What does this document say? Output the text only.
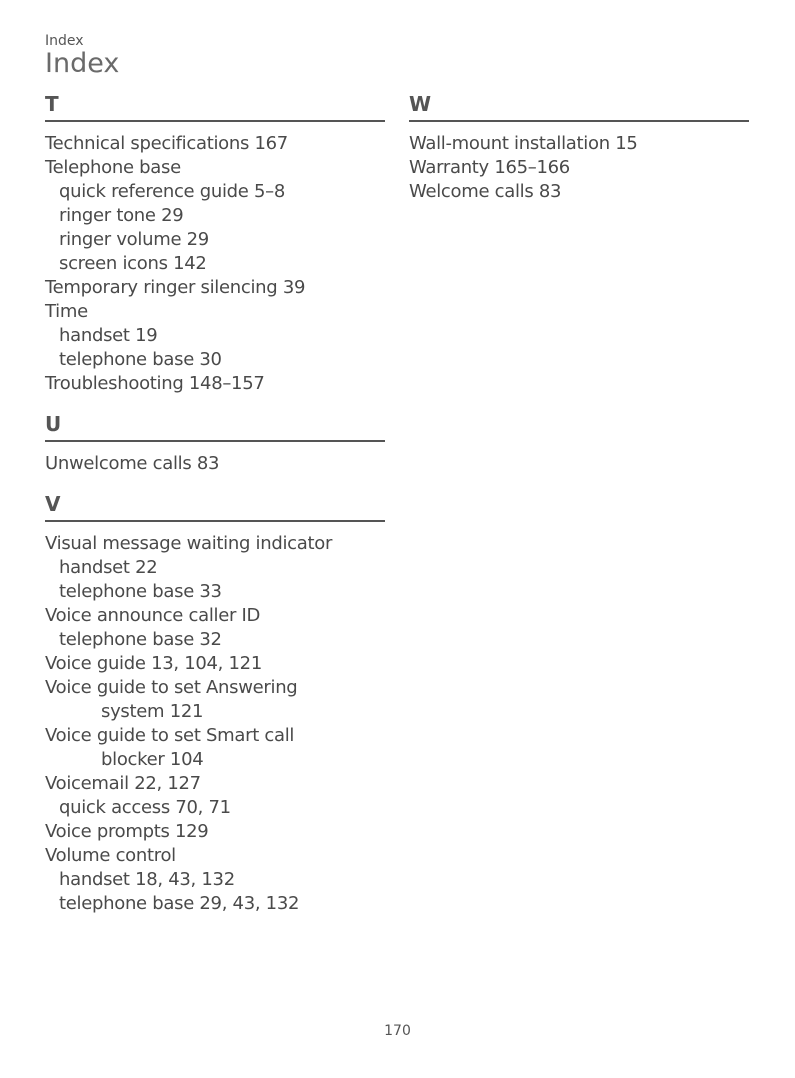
Index
Index
T
Technical specifications 167
Telephone base
quick reference guide 5–8
ringer tone 29
ringer volume 29
screen icons 142
Temporary ringer silencing 39
Time
handset 19
telephone base 30
Troubleshooting 148–157
U
Unwelcome calls 83
V
Visual message waiting indicator
handset 22
telephone base 33
Voice announce caller ID
telephone base 32
Voice guide 13, 104, 121
Voice guide to set Answering
system 121
Voice guide to set Smart call
blocker 104
Voicemail 22, 127
quick access 70, 71
Voice prompts 129
Volume control
handset 18, 43, 132
telephone base 29, 43, 132
W
Wall-mount installation 15
Warranty 165–166
Welcome calls 83
170
